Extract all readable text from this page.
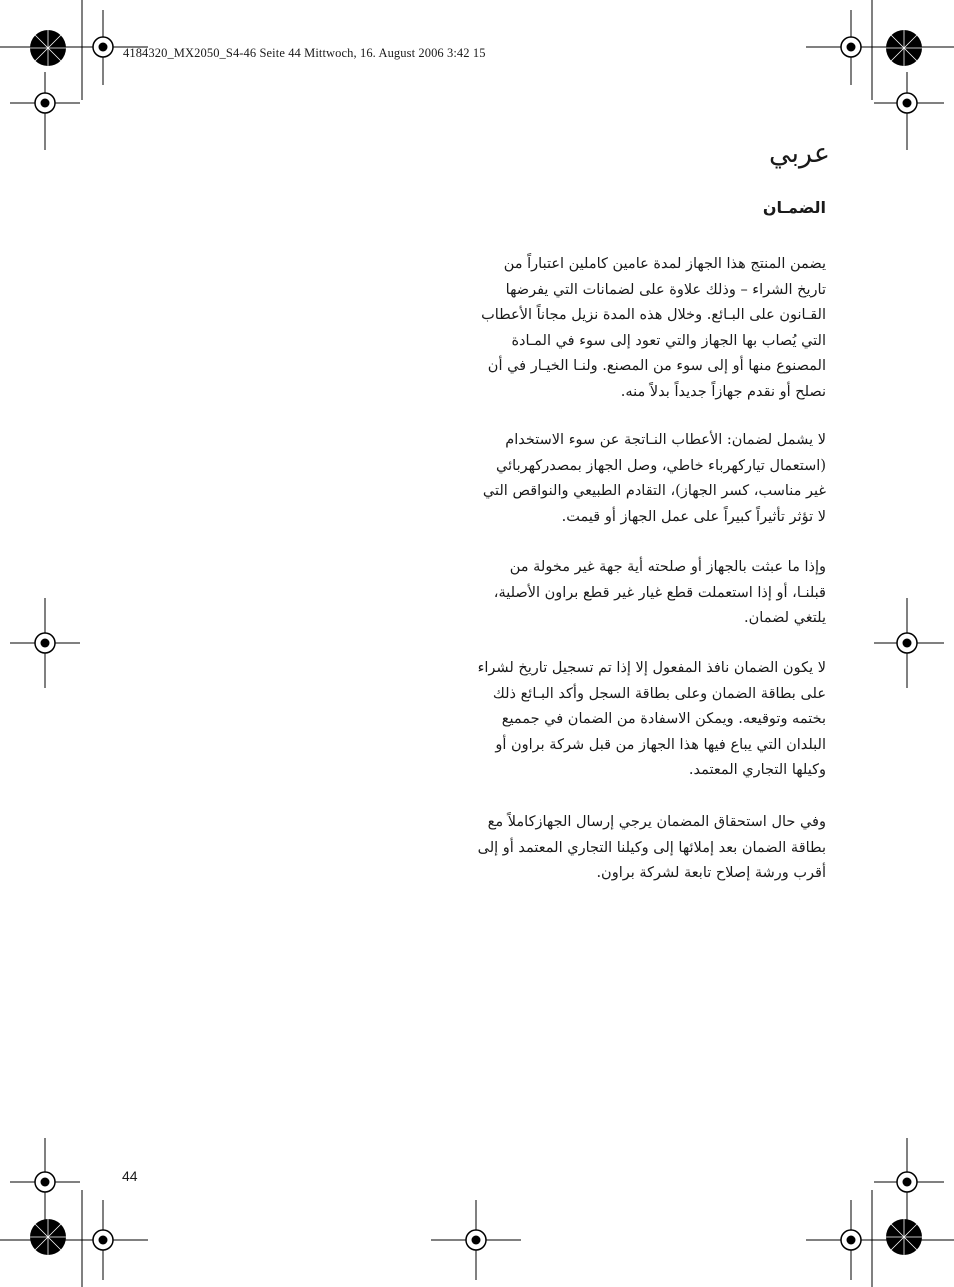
4184320_MX2050_S4-46 Seite 44 Mittwoch, 16. August 2006 3:42 15
عربي
الضمـان

يضمن المنتج هذا الجهاز لمدة عامين كاملين اعتباراً من تاريخ الشراء – وذلك علاوة على لضمانات التي يفرضها القـانون على البـائع. وخلال هذه المدة نزيل مجاناً الأعطاب التي يُصاب بها الجهاز والتي تعود إلى سوء في المـادة المصنوع منها أو إلى سوء من المصنع. ولنـا الخيـار في أن نصلح أو نقدم جهازاً جديداً بدلاً منه.

لا يشمل لضمان: الأعطاب النـاتجة عن سوء الاستخدام (استعمال تياركهرباء خاطي، وصل الجهاز بمصدركهربائي غير مناسب، كسر الجهاز)، التقادم الطبيعي والنواقص التي لا تؤثر تأثيراً كبيراً على عمل الجهاز أو قيمت.

وإذا ما عبثت بالجهاز أو صلحته أية جهة غير مخولة من قبلنـا، أو إذا استعملت قطع غيار غير قطع براون الأصلية، يلتغي لضمان.

لا يكون الضمان نافذ المفعول إلا إذا تم تسجيل تاريخ لشراء على بطاقة الضمان وعلى بطاقة السجل وأكد البـائع ذلك بختمه وتوقيعه. ويمكن الاسفادة من الضمان في جمميع البلدان التي يباع فيها هذا الجهاز من قبل شركة براون أو وكيلها التجاري المعتمد.

وفي حال استحقاق المضمان يرجي إرسال الجهازكاملاً مع بطاقة الضمان بعد إملائها إلى وكيلنا التجاري المعتمد أو إلى أقرب ورشة إصلاح تابعة لشركة براون.

44
